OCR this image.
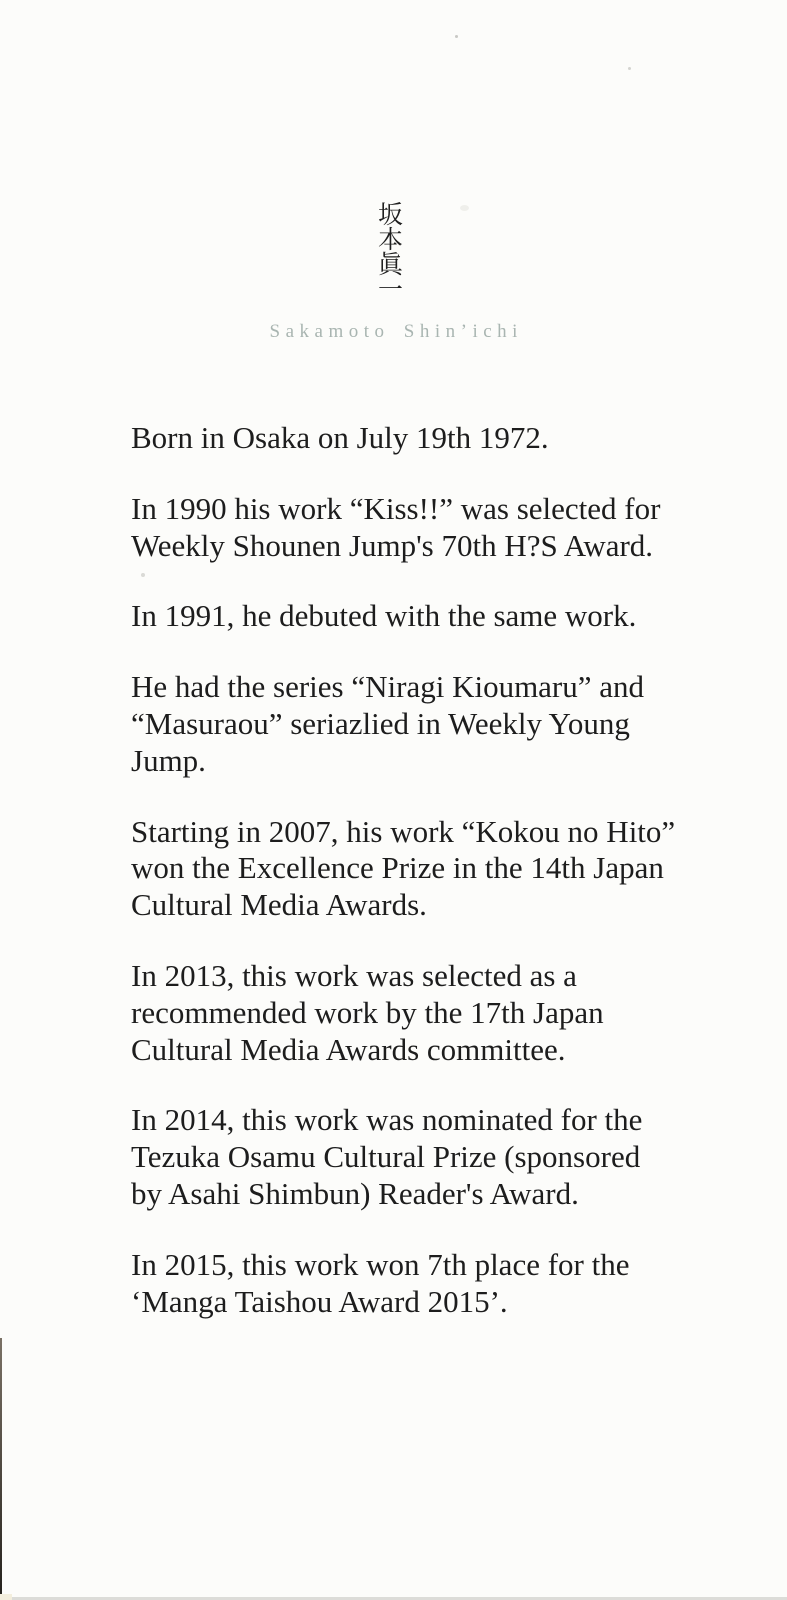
坂本眞一
Sakamoto Shin’ichi

Born in Osaka on July 19th 1972.

In 1990 his work “Kiss!!” was selected for
Weekly Shounen Jump's 70th H?S Award.

In 1991, he debuted with the same work.

He had the series “Niragi Kioumaru” and
“Masuraou” seriazlied in Weekly Young
Jump.

Starting in 2007, his work “Kokou no Hito”
won the Excellence Prize in the 14th Japan
Cultural Media Awards.

In 2013, this work was selected as a
recommended work by the 17th Japan
Cultural Media Awards committee.

In 2014, this work was nominated for the
Tezuka Osamu Cultural Prize (sponsored
by Asahi Shimbun) Reader's Award.

In 2015, this work won 7th place for the
‘Manga Taishou Award 2015’.
